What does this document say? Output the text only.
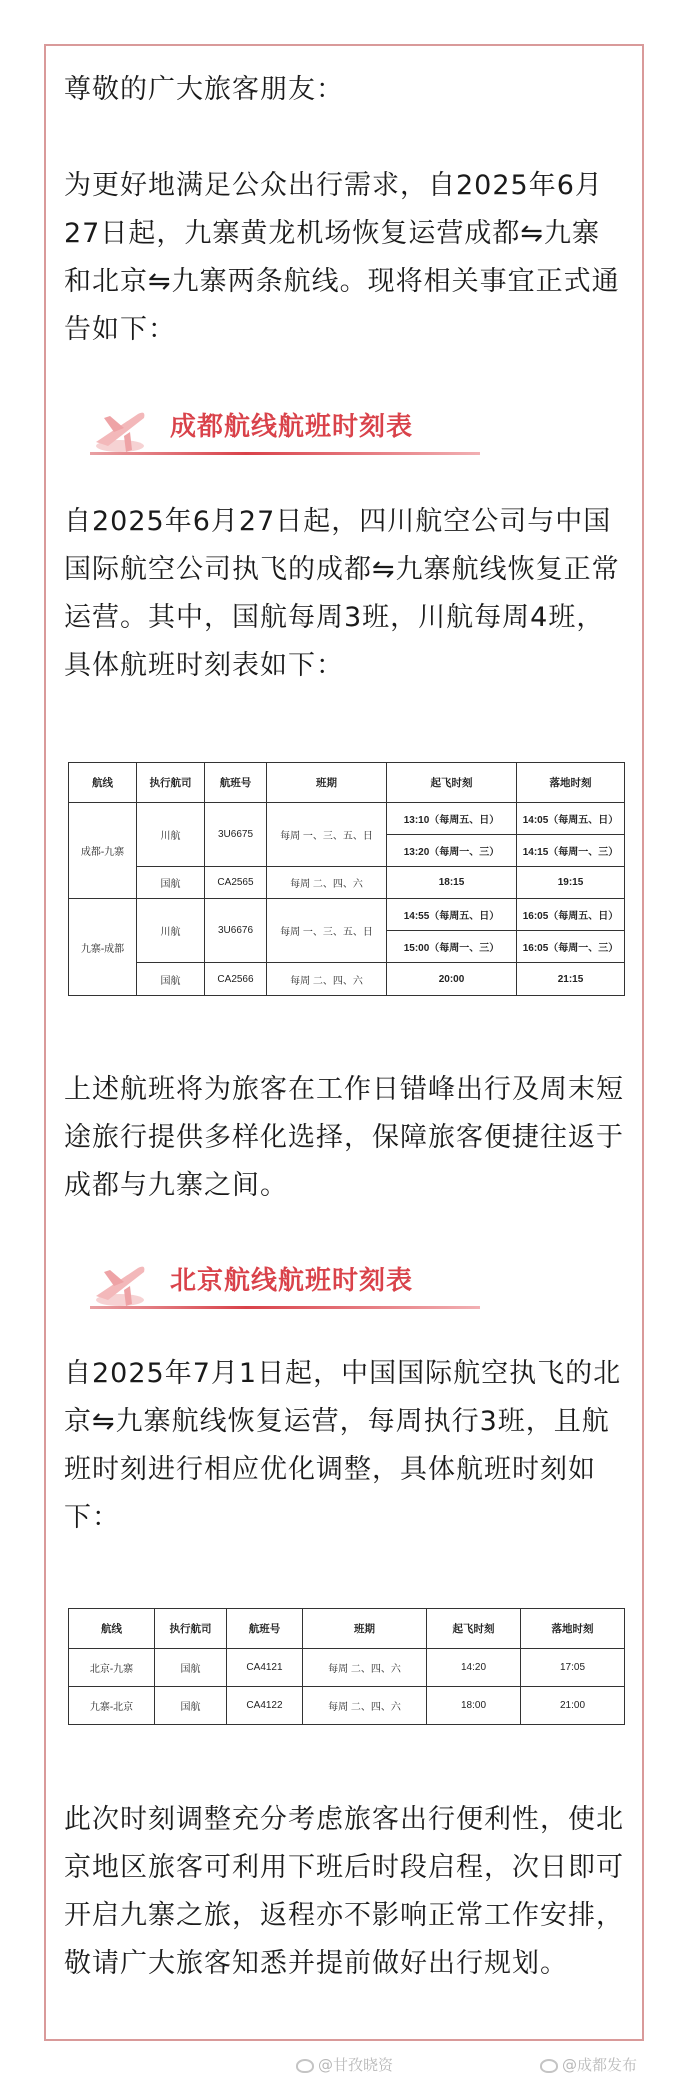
尊敬的广大旅客朋友：

为更好地满足公众出行需求，自2025年6月27日起，九寨黄龙机场恢复运营成都⇋九寨和北京⇋九寨两条航线。现将相关事宜正式通告如下：

成都航线航班时刻表

自2025年6月27日起，四川航空公司与中国国际航空公司执飞的成都⇋九寨航线恢复正常运营。其中，国航每周3班，川航每周4班，具体航班时刻表如下：

航线	执行航司	航班号	班期	起飞时刻	落地时刻
成都-九寨	川航	3U6675	每周 一、三、五、日	13:10（每周五、日）	14:05（每周五、日）
				13:20（每周一、三）	14:15（每周一、三）
	国航	CA2565	每周 二、四、六	18:15	19:15
九寨-成都	川航	3U6676	每周 一、三、五、日	14:55（每周五、日）	16:05（每周五、日）
				15:00（每周一、三）	16:05（每周一、三）
	国航	CA2566	每周 二、四、六	20:00	21:15

上述航班将为旅客在工作日错峰出行及周末短途旅行提供多样化选择，保障旅客便捷往返于成都与九寨之间。

北京航线航班时刻表

自2025年7月1日起，中国国际航空执飞的北京⇋九寨航线恢复运营，每周执行3班，且航班时刻进行相应优化调整，具体航班时刻如下：

航线	执行航司	航班号	班期	起飞时刻	落地时刻
北京-九寨	国航	CA4121	每周 二、四、六	14:20	17:05
九寨-北京	国航	CA4122	每周 二、四、六	18:00	21:00

此次时刻调整充分考虑旅客出行便利性，使北京地区旅客可利用下班后时段启程，次日即可开启九寨之旅，返程亦不影响正常工作安排，敬请广大旅客知悉并提前做好出行规划。

@甘孜晓资	@成都发布
